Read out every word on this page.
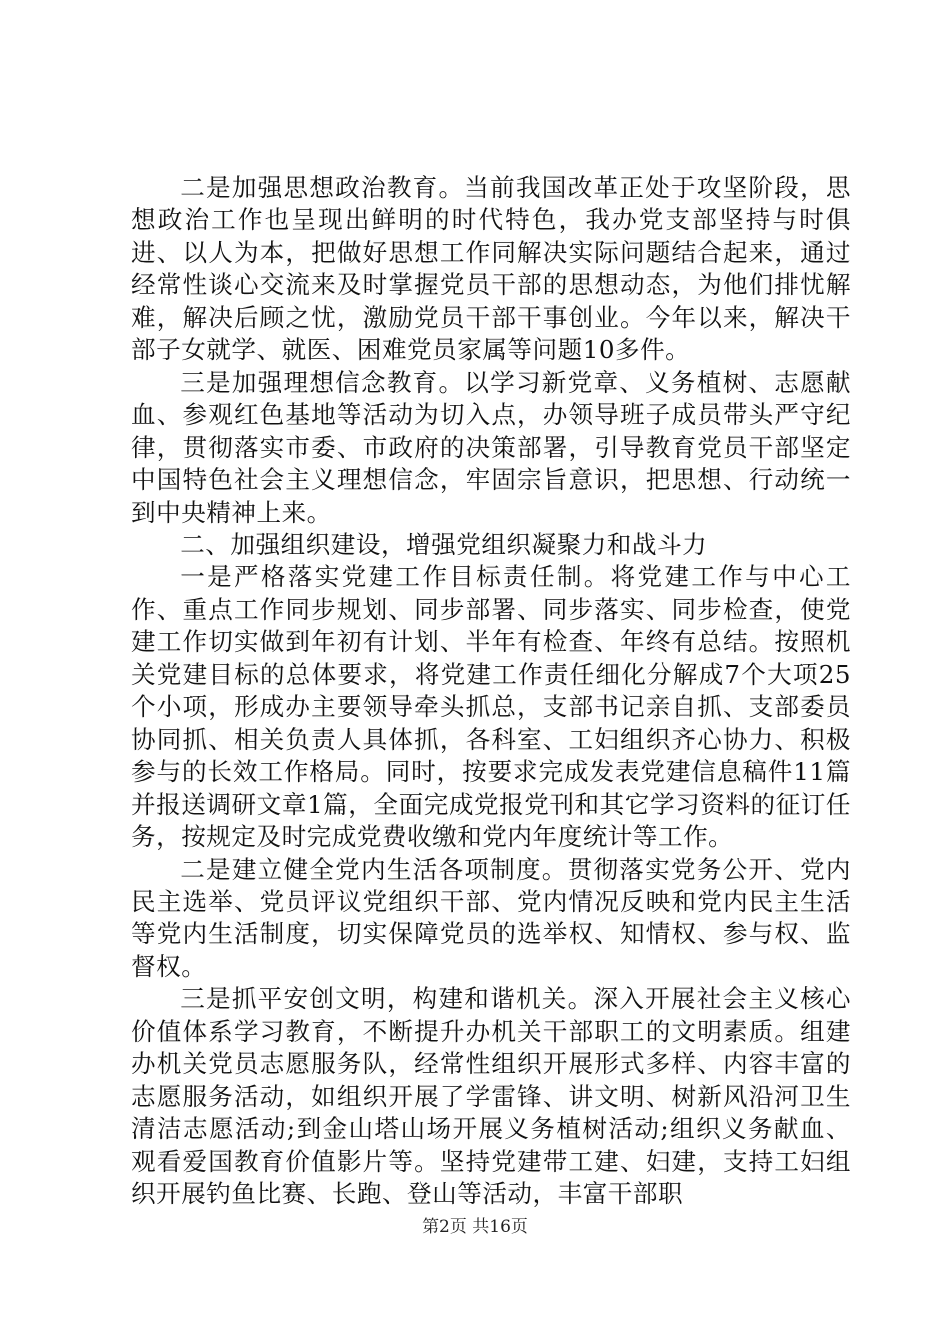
二是加强思想政治教育。当前我国改革正处于攻坚阶段，思想政治工作也呈现出鲜明的时代特色，我办党支部坚持与时俱进、以人为本，把做好思想工作同解决实际问题结合起来，通过经常性谈心交流来及时掌握党员干部的思想动态，为他们排忧解难，解决后顾之忧，激励党员干部干事创业。今年以来，解决干部子女就学、就医、困难党员家属等问题10多件。

三是加强理想信念教育。以学习新党章、义务植树、志愿献血、参观红色基地等活动为切入点，办领导班子成员带头严守纪律，贯彻落实市委、市政府的决策部署，引导教育党员干部坚定中国特色社会主义理想信念，牢固宗旨意识，把思想、行动统一到中央精神上来。

二、加强组织建设，增强党组织凝聚力和战斗力

一是严格落实党建工作目标责任制。将党建工作与中心工作、重点工作同步规划、同步部署、同步落实、同步检查，使党建工作切实做到年初有计划、半年有检查、年终有总结。按照机关党建目标的总体要求，将党建工作责任细化分解成7个大项25个小项，形成办主要领导牵头抓总，支部书记亲自抓、支部委员协同抓、相关负责人具体抓，各科室、工妇组织齐心协力、积极参与的长效工作格局。同时，按要求完成发表党建信息稿件11篇并报送调研文章1篇，全面完成党报党刊和其它学习资料的征订任务，按规定及时完成党费收缴和党内年度统计等工作。

二是建立健全党内生活各项制度。贯彻落实党务公开、党内民主选举、党员评议党组织干部、党内情况反映和党内民主生活等党内生活制度，切实保障党员的选举权、知情权、参与权、监督权。

三是抓平安创文明，构建和谐机关。深入开展社会主义核心价值体系学习教育，不断提升办机关干部职工的文明素质。组建办机关党员志愿服务队，经常性组织开展形式多样、内容丰富的志愿服务活动，如组织开展了学雷锋、讲文明、树新风沿河卫生清洁志愿活动;到金山塔山场开展义务植树活动;组织义务献血、观看爱国教育价值影片等。坚持党建带工建、妇建，支持工妇组织开展钓鱼比赛、长跑、登山等活动，丰富干部职

第2页 共16页
